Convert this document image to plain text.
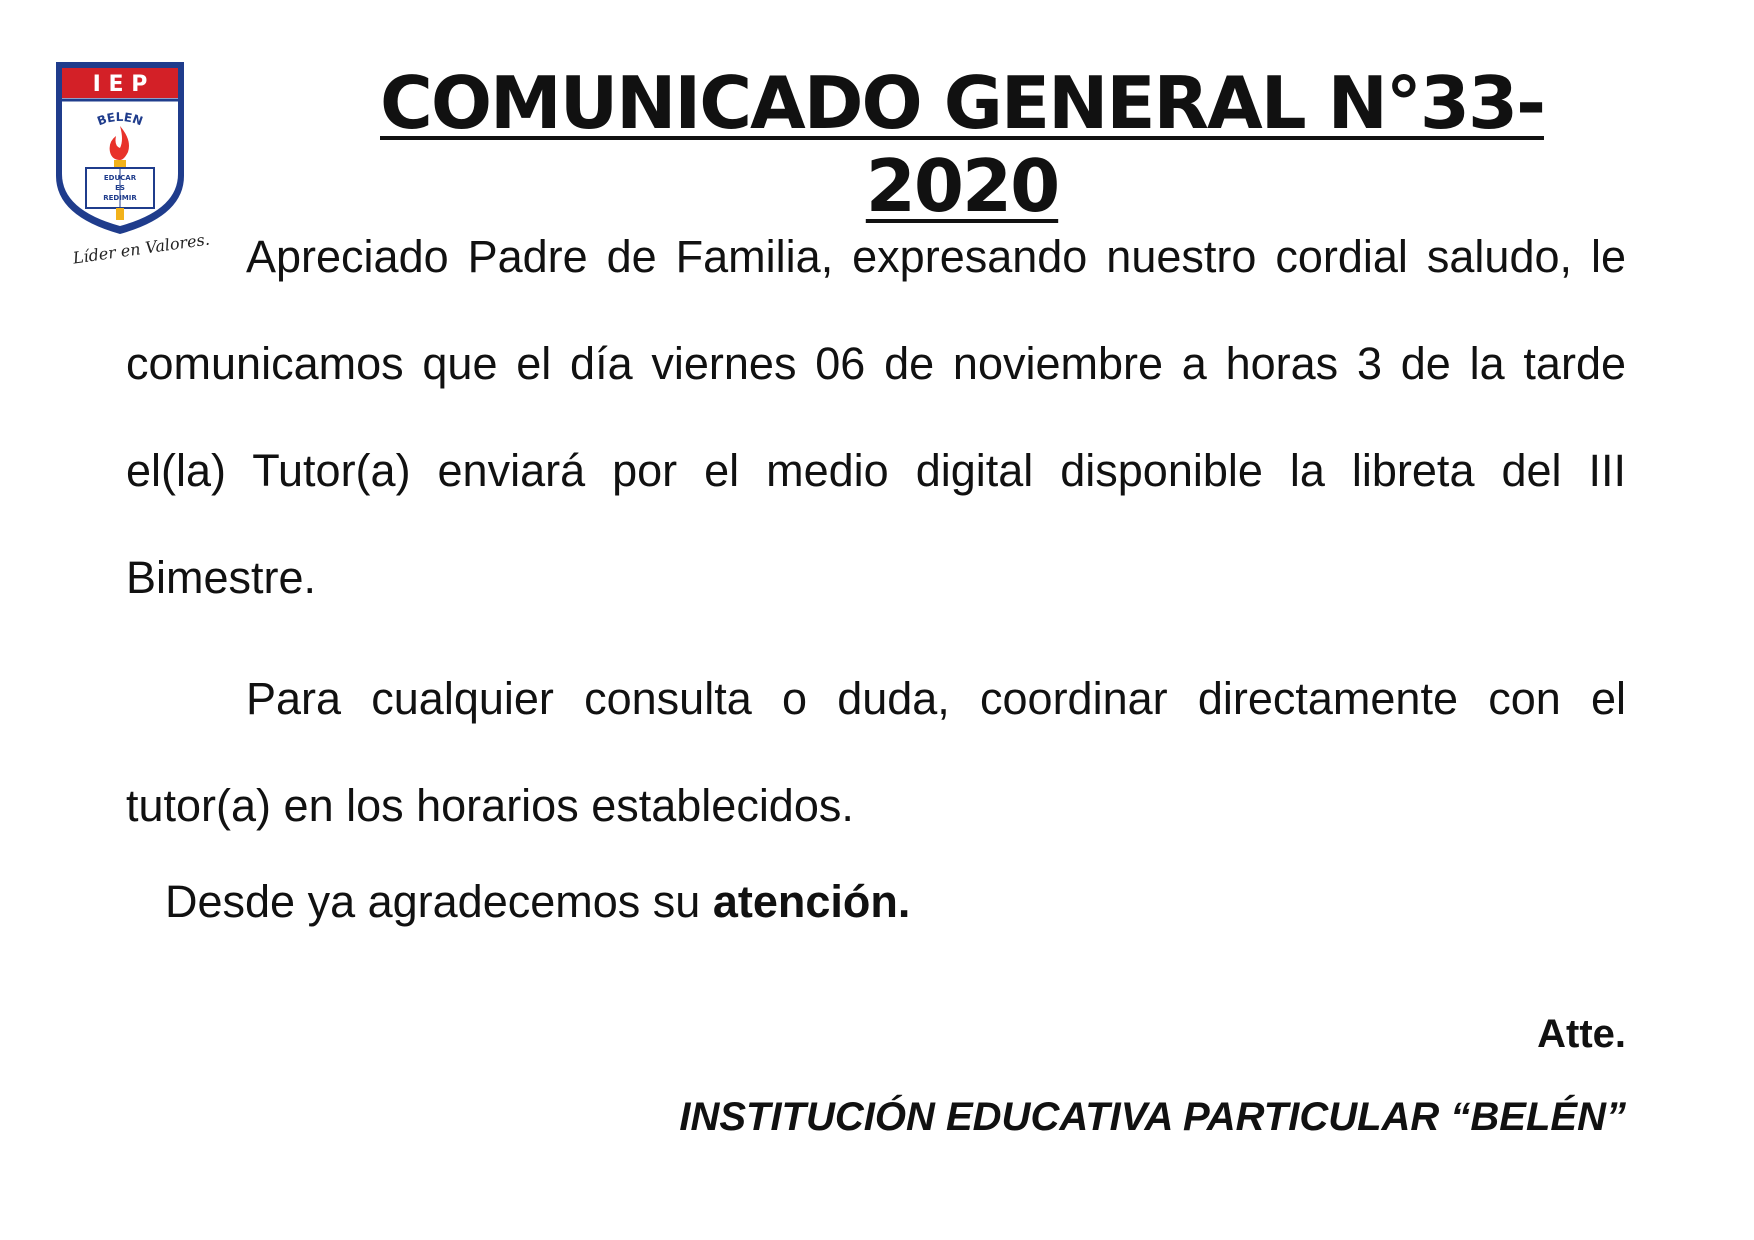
I E P
BELEN
EDUCAR
ES
REDIMIR
Líder en Valores.
COMUNICADO GENERAL N°33-2020

Apreciado Padre de Familia, expresando nuestro cordial saludo, le comunicamos que el día viernes 06 de noviembre a horas 3 de la tarde el(la) Tutor(a) enviará por el medio digital disponible la libreta del III Bimestre.

Para cualquier consulta o duda, coordinar directamente con el tutor(a) en los horarios establecidos.

Desde ya agradecemos su atención.

Atte.

INSTITUCIÓN EDUCATIVA PARTICULAR “BELÉN”
